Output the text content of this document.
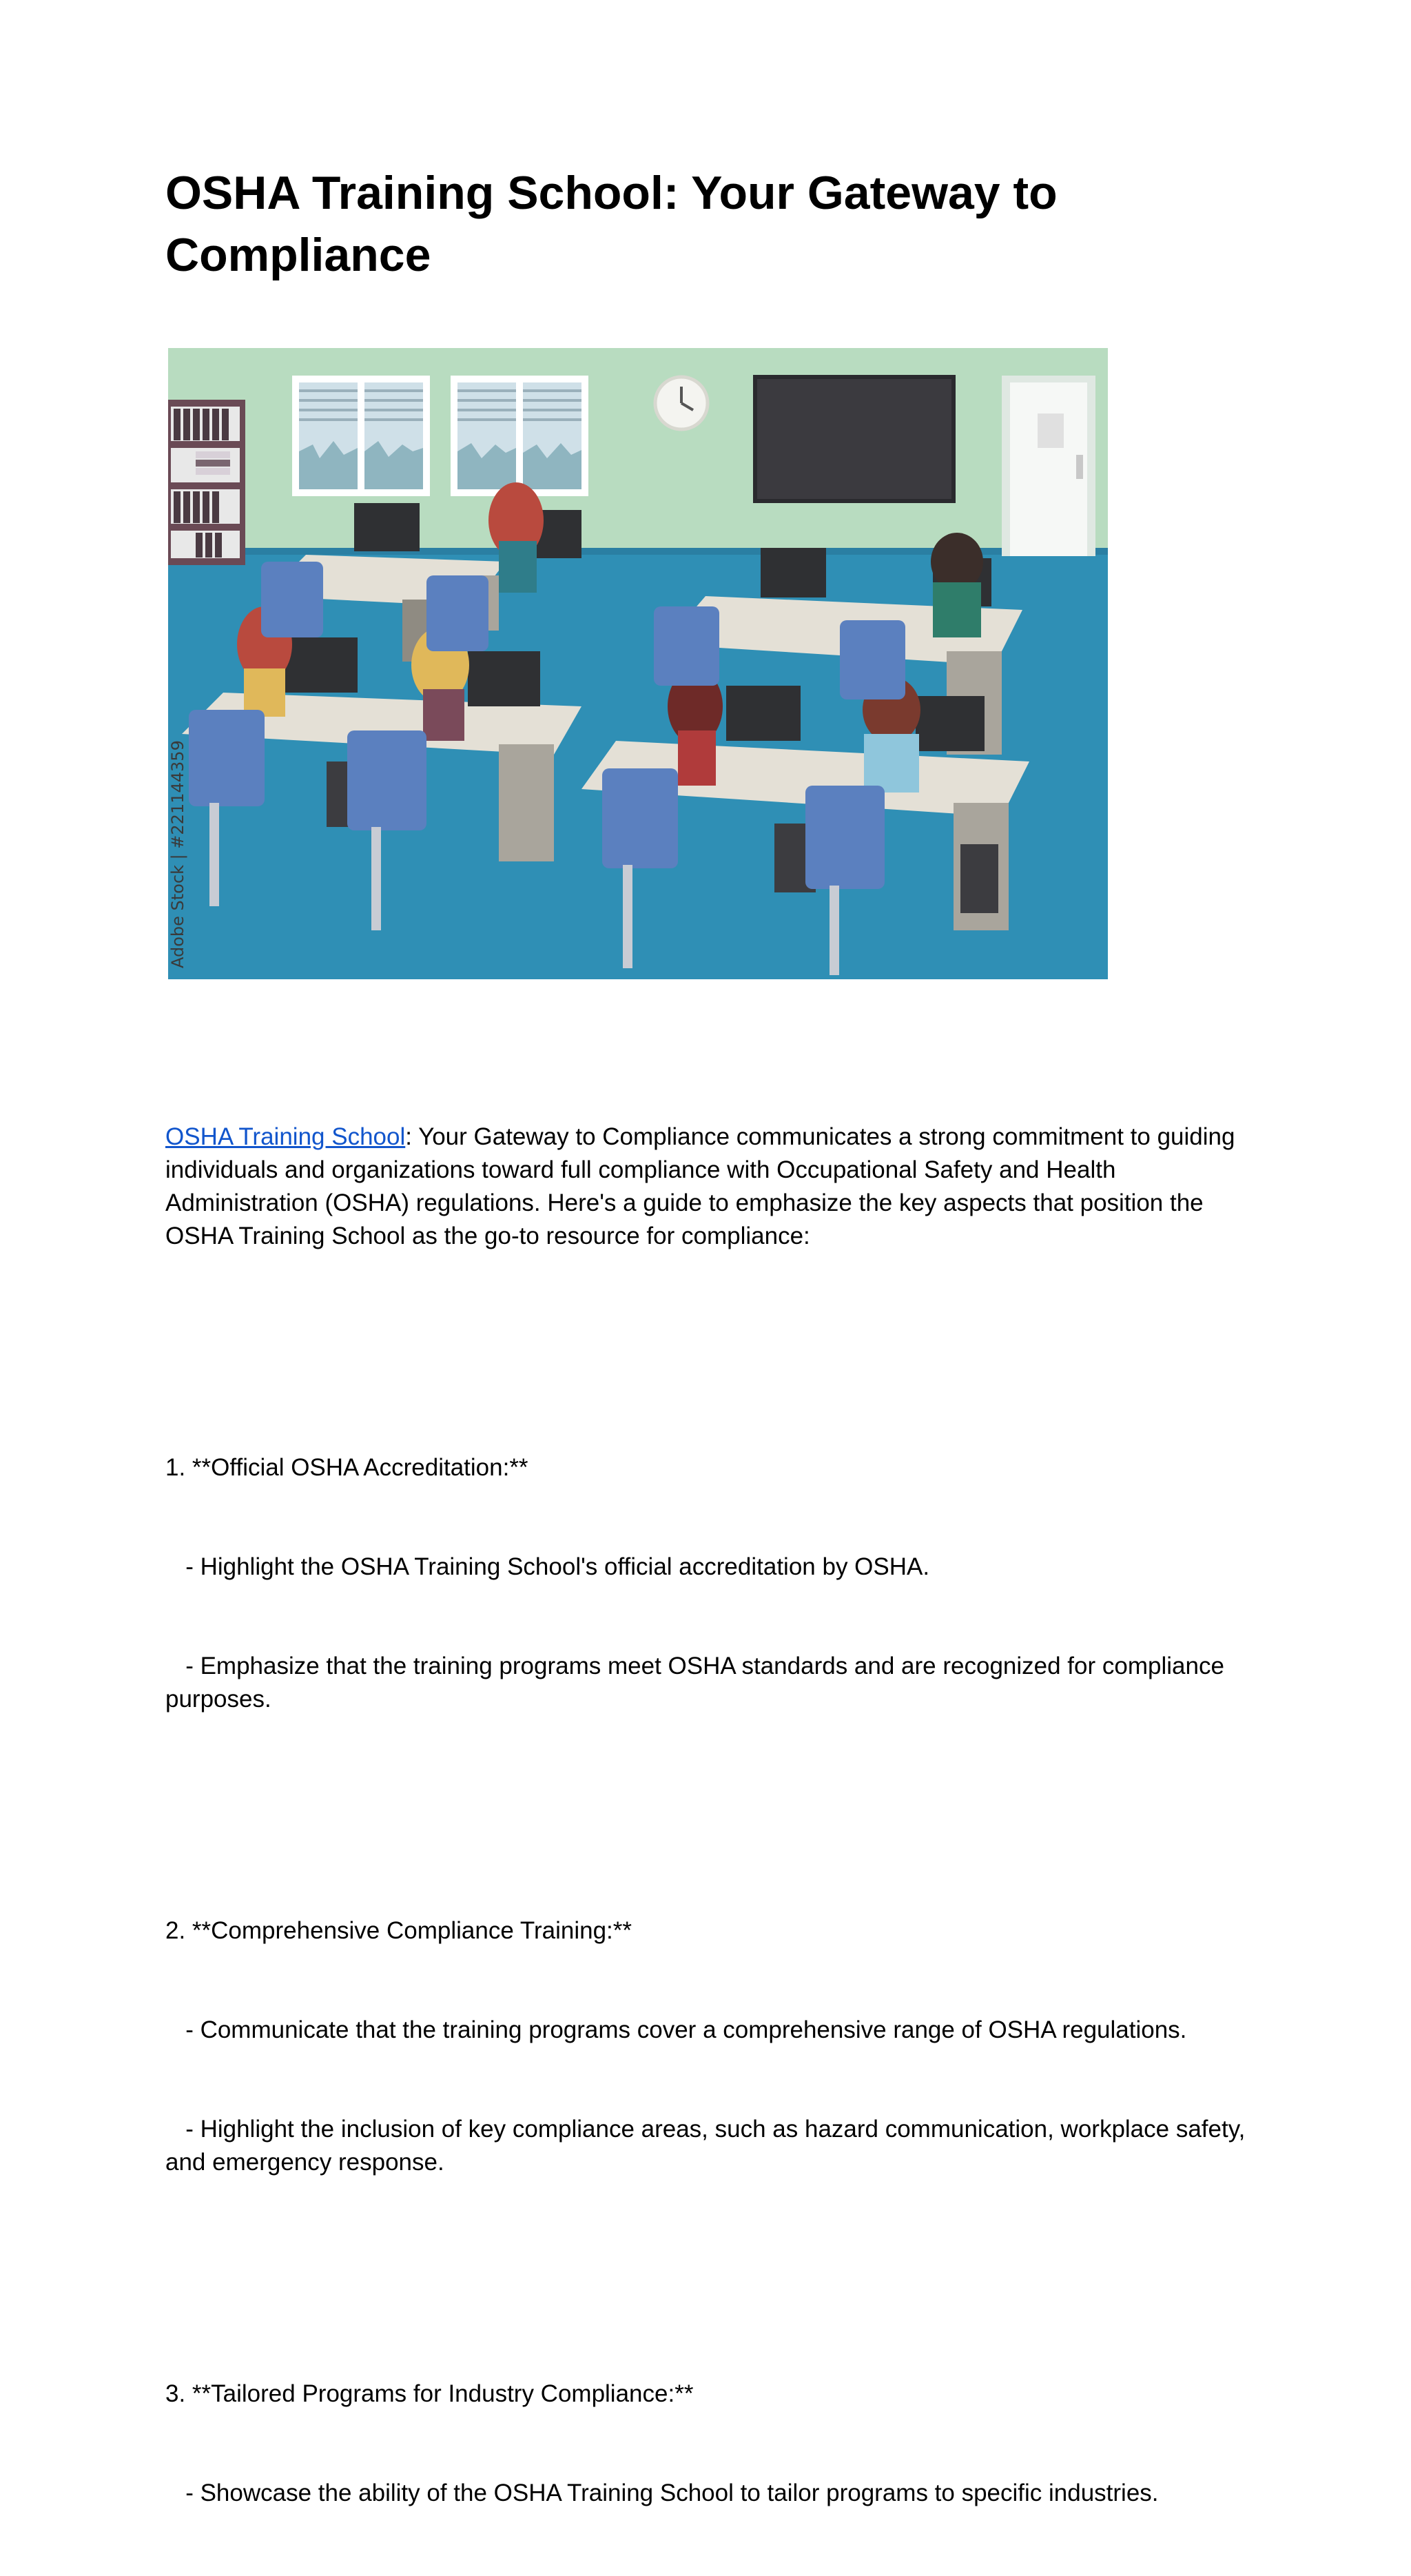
OSHA Training School: Your Gateway to Compliance
Adobe Stock | #221144359

OSHA Training School: Your Gateway to Compliance communicates a strong commitment to guiding individuals and organizations toward full compliance with Occupational Safety and Health Administration (OSHA) regulations. Here's a guide to emphasize the key aspects that position the OSHA Training School as the go-to resource for compliance:

1. **Official OSHA Accreditation:**

- Highlight the OSHA Training School's official accreditation by OSHA.

- Emphasize that the training programs meet OSHA standards and are recognized for compliance purposes.

2. **Comprehensive Compliance Training:**

- Communicate that the training programs cover a comprehensive range of OSHA regulations.

- Highlight the inclusion of key compliance areas, such as hazard communication, workplace safety, and emergency response.

3. **Tailored Programs for Industry Compliance:**

- Showcase the ability of the OSHA Training School to tailor programs to specific industries.
